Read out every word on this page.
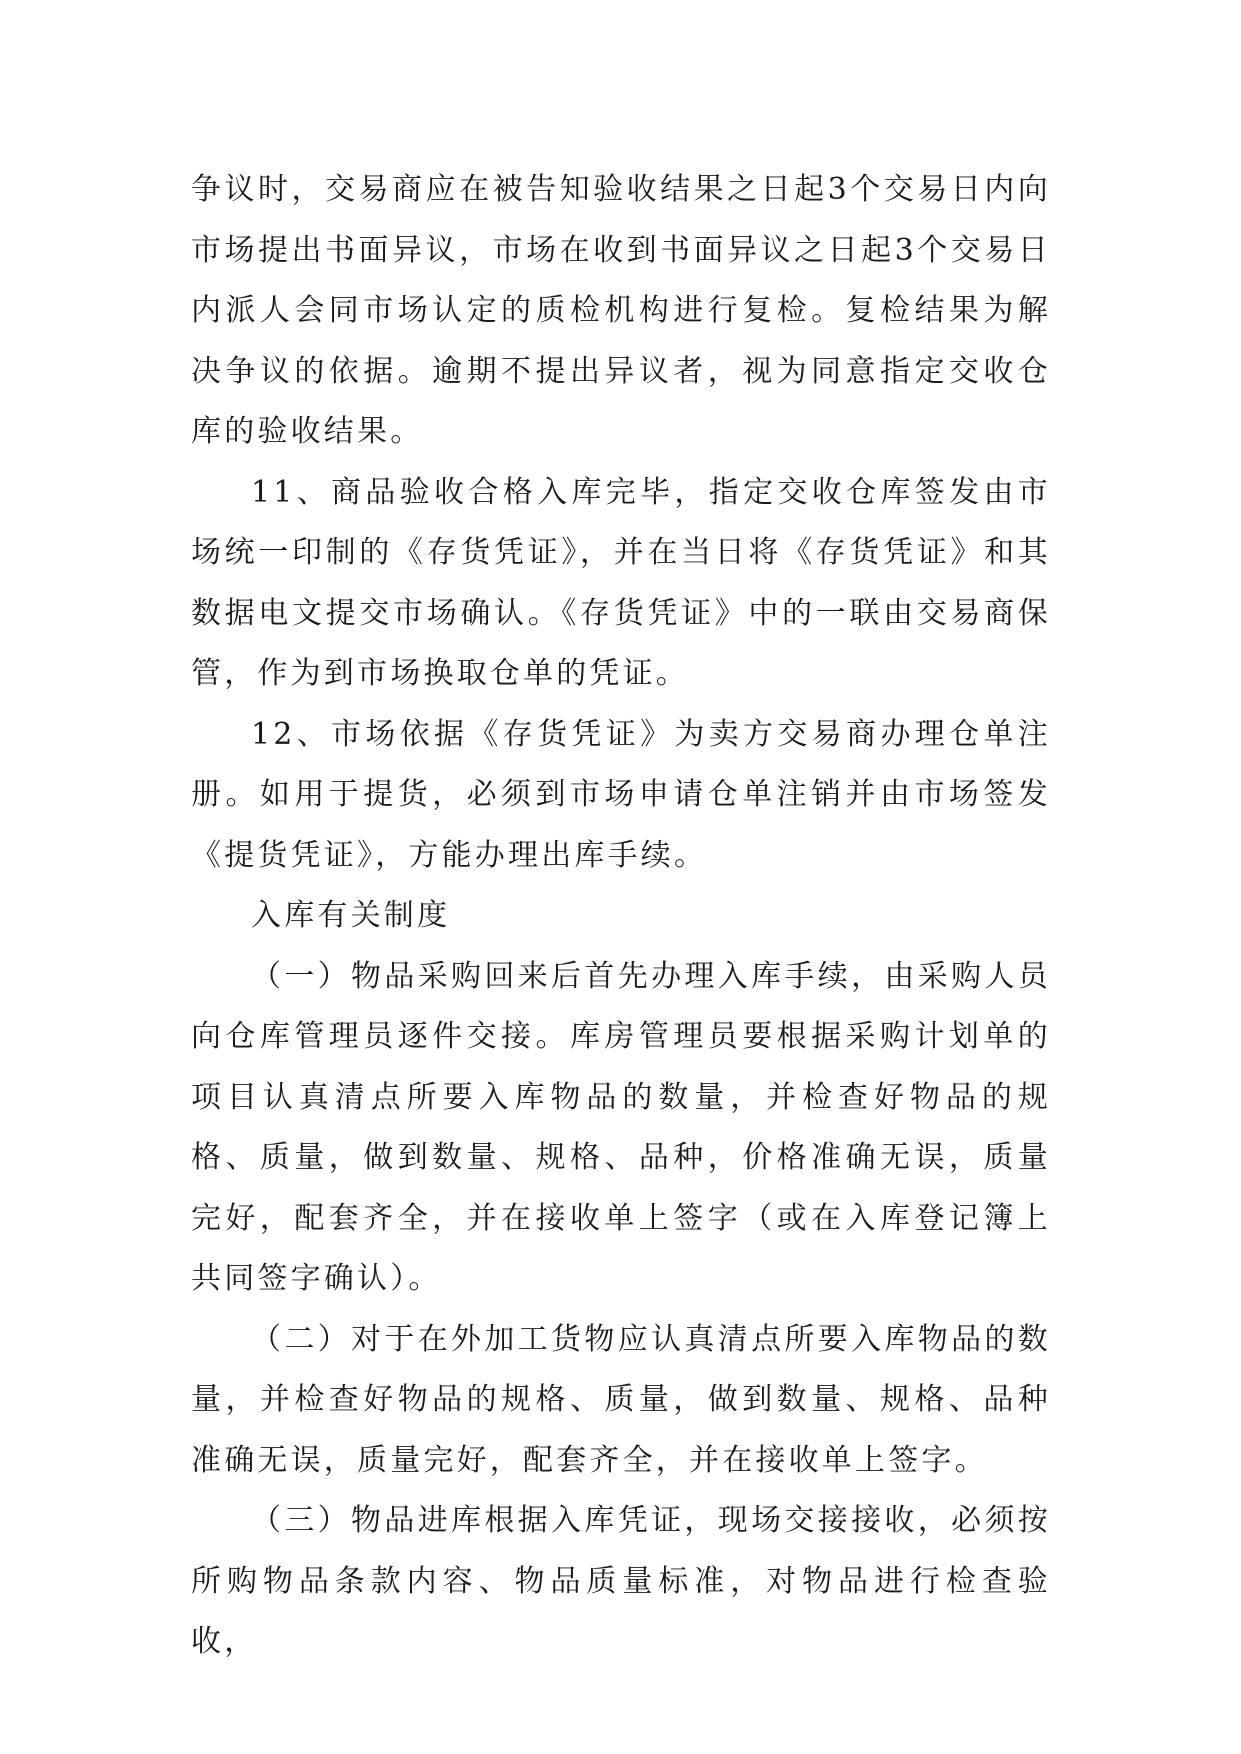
争议时，交易商应在被告知验收结果之日起3个交易日内向市场提出书面异议，市场在收到书面异议之日起3个交易日内派人会同市场认定的质检机构进行复检。复检结果为解决争议的依据。逾期不提出异议者，视为同意指定交收仓库的验收结果。

11、商品验收合格入库完毕，指定交收仓库签发由市场统一印制的《存货凭证》，并在当日将《存货凭证》和其数据电文提交市场确认。《存货凭证》中的一联由交易商保管，作为到市场换取仓单的凭证。

12、市场依据《存货凭证》为卖方交易商办理仓单注册。如用于提货，必须到市场申请仓单注销并由市场签发《提货凭证》，方能办理出库手续。

入库有关制度

（一）物品采购回来后首先办理入库手续，由采购人员向仓库管理员逐件交接。库房管理员要根据采购计划单的项目认真清点所要入库物品的数量，并检查好物品的规格、质量，做到数量、规格、品种，价格准确无误，质量完好，配套齐全，并在接收单上签字（或在入库登记簿上共同签字确认）。

（二）对于在外加工货物应认真清点所要入库物品的数量，并检查好物品的规格、质量，做到数量、规格、品种准确无误，质量完好，配套齐全，并在接收单上签字。

（三）物品进库根据入库凭证，现场交接接收，必须按所购物品条款内容、物品质量标准，对物品进行检查验收，
